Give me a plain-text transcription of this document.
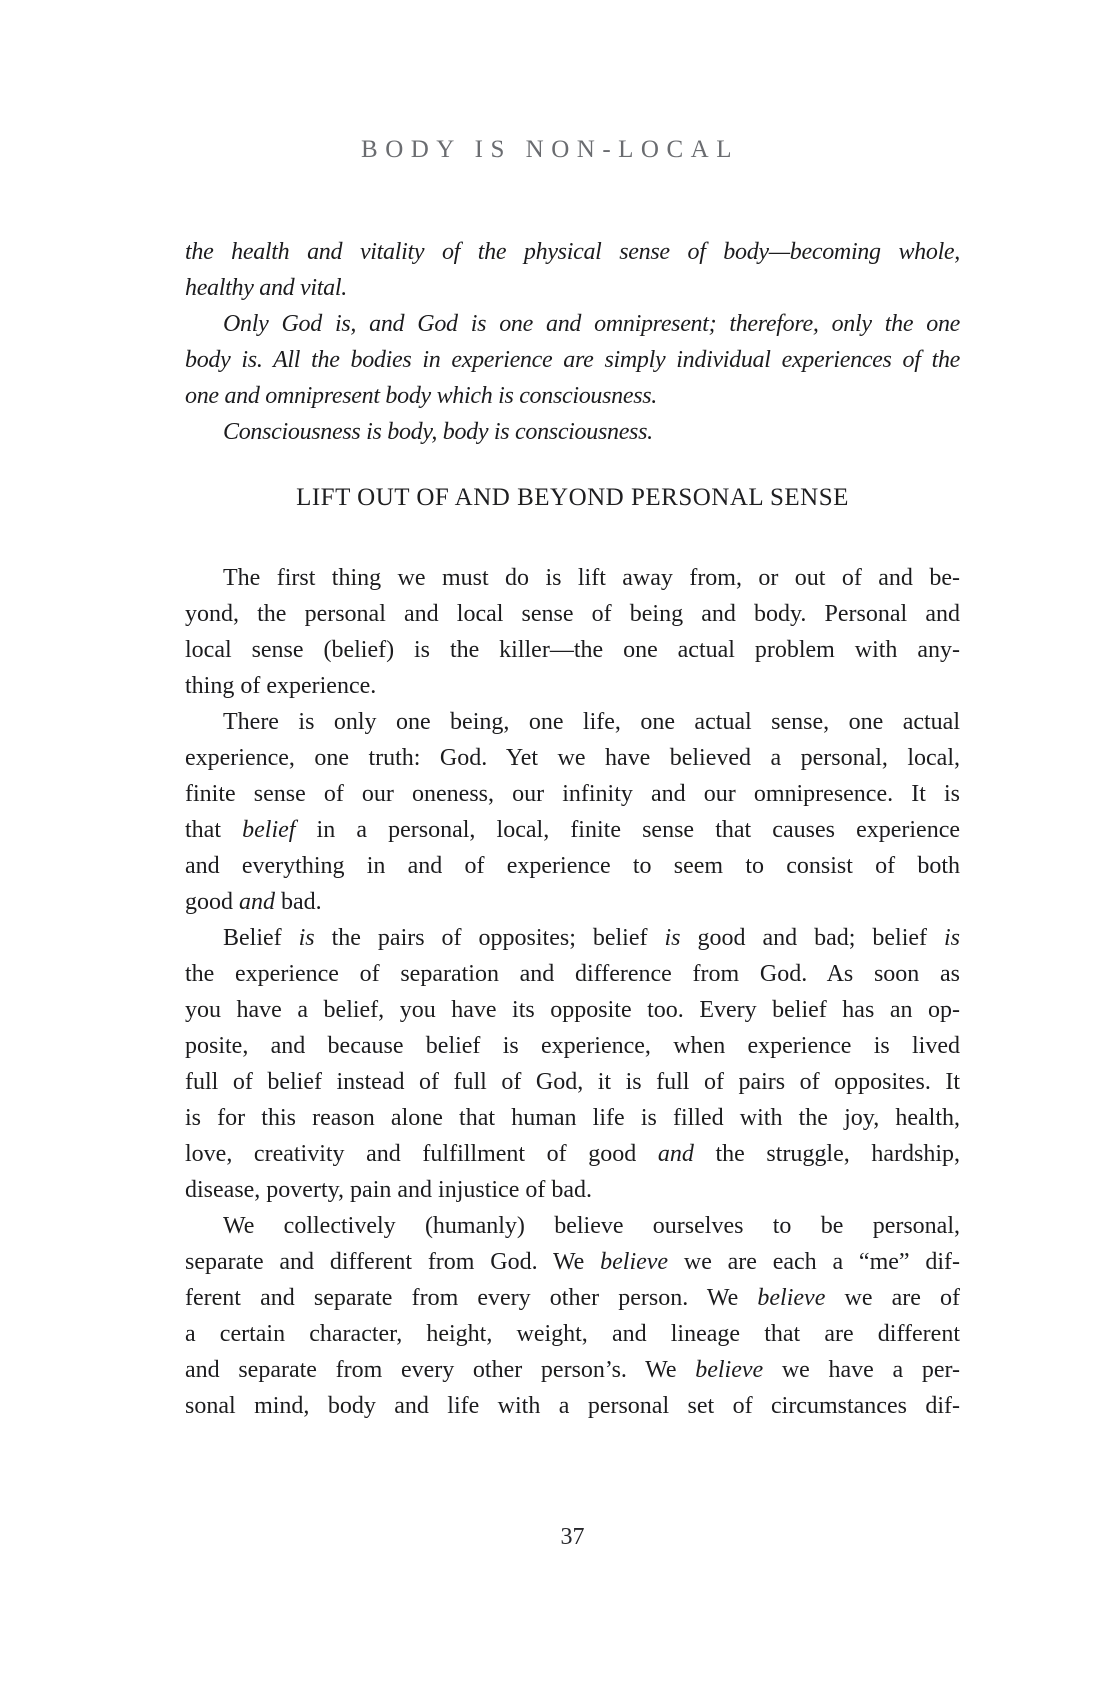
BODY IS NON-LOCAL
the health and vitality of the physical sense of body—becoming whole,
healthy and vital.
Only God is, and God is one and omnipresent; therefore, only the one
body is. All the bodies in experience are simply individual experiences of the
one and omnipresent body which is consciousness.
Consciousness is body, body is consciousness.
LIFT OUT OF AND BEYOND PERSONAL SENSE
The first thing we must do is lift away from, or out of and be-
yond, the personal and local sense of being and body. Personal and
local sense (belief) is the killer—the one actual problem with any-
thing of experience.
There is only one being, one life, one actual sense, one actual
experience, one truth: God. Yet we have believed a personal, local,
finite sense of our oneness, our infinity and our omnipresence. It is
that belief in a personal, local, finite sense that causes experience
and everything in and of experience to seem to consist of both
good and bad.
Belief is the pairs of opposites; belief is good and bad; belief is
the experience of separation and difference from God. As soon as
you have a belief, you have its opposite too. Every belief has an op-
posite, and because belief is experience, when experience is lived
full of belief instead of full of God, it is full of pairs of opposites. It
is for this reason alone that human life is filled with the joy, health,
love, creativity and fulfillment of good and the struggle, hardship,
disease, poverty, pain and injustice of bad.
We collectively (humanly) believe ourselves to be personal,
separate and different from God. We believe we are each a “me” dif-
ferent and separate from every other person. We believe we are of
a certain character, height, weight, and lineage that are different
and separate from every other person’s. We believe we have a per-
sonal mind, body and life with a personal set of circumstances dif-
37
